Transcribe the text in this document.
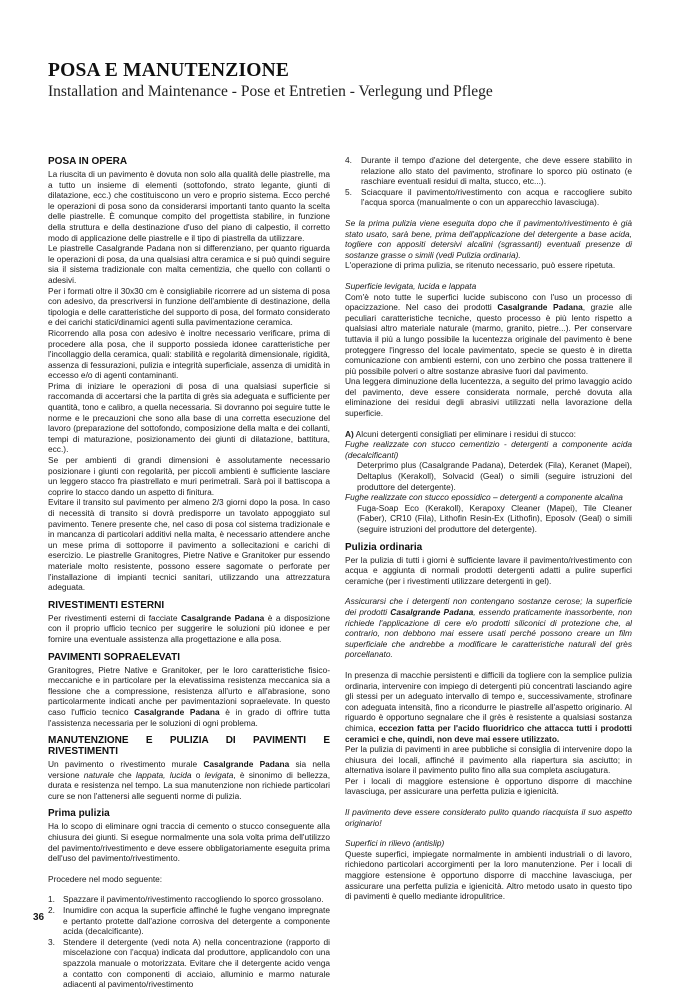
POSA E MANUTENZIONE
Installation and Maintenance - Pose et Entretien - Verlegung und Pflege
POSA IN OPERA

La riuscita di un pavimento è dovuta non solo alla qualità delle piastrelle, ma a tutto un insieme di elementi (sottofondo, strato legante, giunti di dilatazione, ecc.) che costituiscono un vero e proprio sistema. Ecco perché le operazioni di posa sono da considerarsi importanti tanto quanto la scelta delle piastrelle. È comunque compito del progettista stabilire, in funzione della struttura e della destinazione d'uso del piano di calpestio, il corretto modo di applicazione delle piastrelle e il tipo di piastrella da utilizzare.

Le piastrelle Casalgrande Padana non si differenziano, per quanto riguarda le operazioni di posa, da una qualsiasi altra ceramica e si può quindi seguire sia il sistema tradizionale con malta cementizia, che quello con collanti o adesivi.

Per i formati oltre il 30x30 cm è consigliabile ricorrere ad un sistema di posa con adesivo, da prescriversi in funzione dell'ambiente di destinazione, della tipologia e delle caratteristiche del supporto di posa, del formato considerato e dei carichi statici/dinamici agenti sulla pavimentazione ceramica.

Ricorrendo alla posa con adesivo è inoltre necessario verificare, prima di procedere alla posa, che il supporto possieda idonee caratteristiche per l'incollaggio della ceramica, quali: stabilità e regolarità dimensionale, rigidità, assenza di fessurazioni, pulizia e integrità superficiale, assenza di umidità in eccesso e/o di agenti contaminanti.

Prima di iniziare le operazioni di posa di una qualsiasi superficie si raccomanda di accertarsi che la partita di grès sia adeguata e sufficiente per quantità, tono e calibro, a quella necessaria. Si dovranno poi seguire tutte le norme e le precauzioni che sono alla base di una corretta esecuzione del lavoro (preparazione del sottofondo, composizione della malta e dei collanti, tempi di maturazione, posizionamento dei giunti di dilatazione, battitura, ecc.).

Se per ambienti di grandi dimensioni è assolutamente necessario posizionare i giunti con regolarità, per piccoli ambienti è sufficiente lasciare un leggero stacco fra piastrellato e muri perimetrali. Sarà poi il battiscopa a coprire lo stacco dando un aspetto di finitura.

Evitare il transito sul pavimento per almeno 2/3 giorni dopo la posa. In caso di necessità di transito si dovrà predisporre un tavolato appoggiato sul pavimento. Tenere presente che, nel caso di posa col sistema tradizionale e in mancanza di particolari additivi nella malta, è necessario attendere anche un mese prima di sottoporre il pavimento a sollecitazioni e carichi di esercizio. Le piastrelle Granitogres, Pietre Native e Granitoker pur essendo materiale molto resistente, possono essere sagomate o perforate per l'installazione di impianti tecnici sanitari, utilizzando una attrezzatura adeguata.

RIVESTIMENTI ESTERNI

Per rivestimenti esterni di facciate Casalgrande Padana è a disposizione con il proprio ufficio tecnico per suggerire le soluzioni più idonee e per fornire una eventuale assistenza alla progettazione e alla posa.

PAVIMENTI SOPRAELEVATI

Granitogres, Pietre Native e Granitoker, per le loro caratteristiche fisico-meccaniche e in particolare per la elevatissima resistenza meccanica sia a flessione che a compressione, resistenza all'urto e all'abrasione, sono particolarmente indicati anche per pavimentazioni sopraelevate. In questo caso l'ufficio tecnico Casalgrande Padana è in grado di offrire tutta l'assistenza necessaria per le soluzioni di ogni problema.

MANUTENZIONE E PULIZIA DI PAVIMENTI E RIVESTIMENTI

Un pavimento o rivestimento murale Casalgrande Padana sia nella versione naturale che lappata, lucida o levigata, è sinonimo di bellezza, durata e resistenza nel tempo. La sua manutenzione non richiede particolari cure se non l'attenersi alle seguenti norme di pulizia.

Prima pulizia

Ha lo scopo di eliminare ogni traccia di cemento o stucco conseguente alla chiusura dei giunti. Si esegue normalmente una sola volta prima dell'utilizzo del pavimento/rivestimento e deve essere obbligatoriamente eseguita prima dell'uso del pavimento/rivestimento.

Procedere nel modo seguente:

1. Spazzare il pavimento/rivestimento raccogliendo lo sporco grossolano.
2. Inumidire con acqua la superficie affinché le fughe vengano impregnate e pertanto protette dall'azione corrosiva del detergente a componente acida (decalcificante).
3. Stendere il detergente (vedi nota A) nella concentrazione (rapporto di miscelazione con l'acqua) indicata dal produttore, applicandolo con una spazzola manuale o motorizzata. Evitare che il detergente acido venga a contatto con componenti di acciaio, alluminio e marmo naturale adiacenti al pavimento/rivestimento
4. Durante il tempo d'azione del detergente, che deve essere stabilito in relazione allo stato del pavimento, strofinare lo sporco più ostinato (e raschiare eventuali residui di malta, stucco, etc...).
5. Sciacquare il pavimento/rivestimento con acqua e raccogliere subito l'acqua sporca (manualmente o con un apparecchio lavasciuga).

Se la prima pulizia viene eseguita dopo che il pavimento/rivestimento è già stato usato, sarà bene, prima dell'applicazione del detergente a base acida, togliere con appositi detersivi alcalini (sgrassanti) eventuali presenze di sostanze grasse o simili (vedi Pulizia ordinaria).

L'operazione di prima pulizia, se ritenuto necessario, può essere ripetuta.

Superficie levigata, lucida e lappata

Com'è noto tutte le superfici lucide subiscono con l'uso un processo di opacizzazione. Nel caso dei prodotti Casalgrande Padana, grazie alle peculiari caratteristiche tecniche, questo processo è più lento rispetto a qualsiasi altro materiale naturale (marmo, granito, pietre...). Per conservare tuttavia il più a lungo possibile la lucentezza originale del pavimento è bene proteggere l'ingresso del locale pavimentato, specie se questo è in diretta comunicazione con ambienti esterni, con uno zerbino che possa trattenere il più possibile polveri o altre sostanze abrasive fuori dal pavimento.

Una leggera diminuzione della lucentezza, a seguito del primo lavaggio acido del pavimento, deve essere considerata normale, perché dovuta alla eliminazione dei residui degli abrasivi utilizzati nella lavorazione della superficie.

A) Alcuni detergenti consigliati per eliminare i residui di stucco:

Fughe realizzate con stucco cementizio - detergenti a componente acida (decalcificanti)

Deterprimo plus (Casalgrande Padana), Deterdek (Fila), Keranet (Mapei), Deltaplus (Kerakoll), Solvacid (Geal) o simili (seguire istruzioni del produttore del detergente).

Fughe realizzate con stucco epossidico – detergenti a componente alcalina

Fuga-Soap Eco (Kerakoll), Kerapoxy Cleaner (Mapei), Tile Cleaner (Faber), CR10 (Fila), Lithofin Resin-Ex (Lithofin), Eposolv (Geal) o simili (seguire istruzioni del produttore del detergente).

Pulizia ordinaria

Per la pulizia di tutti i giorni è sufficiente lavare il pavimento/rivestimento con acqua e aggiunta di normali prodotti detergenti adatti a pulire superfici ceramiche (per i rivestimenti utilizzare detergenti in gel).

Assicurarsi che i detergenti non contengano sostanze cerose; la superficie dei prodotti Casalgrande Padana, essendo praticamente inassorbente, non richiede l'applicazione di cere e/o prodotti siliconici di protezione che, al contrario, non debbono mai essere usati perché possono creare un film superficiale che andrebbe a modificare le caratteristiche naturali del grès porcellanato.

In presenza di macchie persistenti e difficili da togliere con la semplice pulizia ordinaria, intervenire con impiego di detergenti più concentrati lasciando agire gli stessi per un adeguato intervallo di tempo e, successivamente, strofinare con adeguata intensità, fino a ricondurre le piastrelle all'aspetto originario. Al riguardo è opportuno segnalare che il grès è resistente a qualsiasi sostanza chimica, eccezion fatta per l'acido fluoridrico che attacca tutti i prodotti ceramici e che, quindi, non deve mai essere utilizzato.

Per la pulizia di pavimenti in aree pubbliche si consiglia di intervenire dopo la chiusura dei locali, affinché il pavimento alla riapertura sia asciutto; in alternativa isolare il pavimento pulito fino alla sua completa asciugatura.

Per i locali di maggiore estensione è opportuno disporre di macchine lavasciuga, per assicurare una perfetta pulizia e igienicità.

Il pavimento deve essere considerato pulito quando riacquista il suo aspetto originario!

Superfici in rilievo (antislip)

Queste superfici, impiegate normalmente in ambienti industriali o di lavoro, richiedono particolari accorgimenti per la loro manutenzione. Per i locali di maggiore estensione è opportuno disporre di macchine lavasciuga, per assicurare una perfetta pulizia e igienicità. Altro metodo usato in questo tipo di pavimenti è quello mediante idropulitrice.

36
